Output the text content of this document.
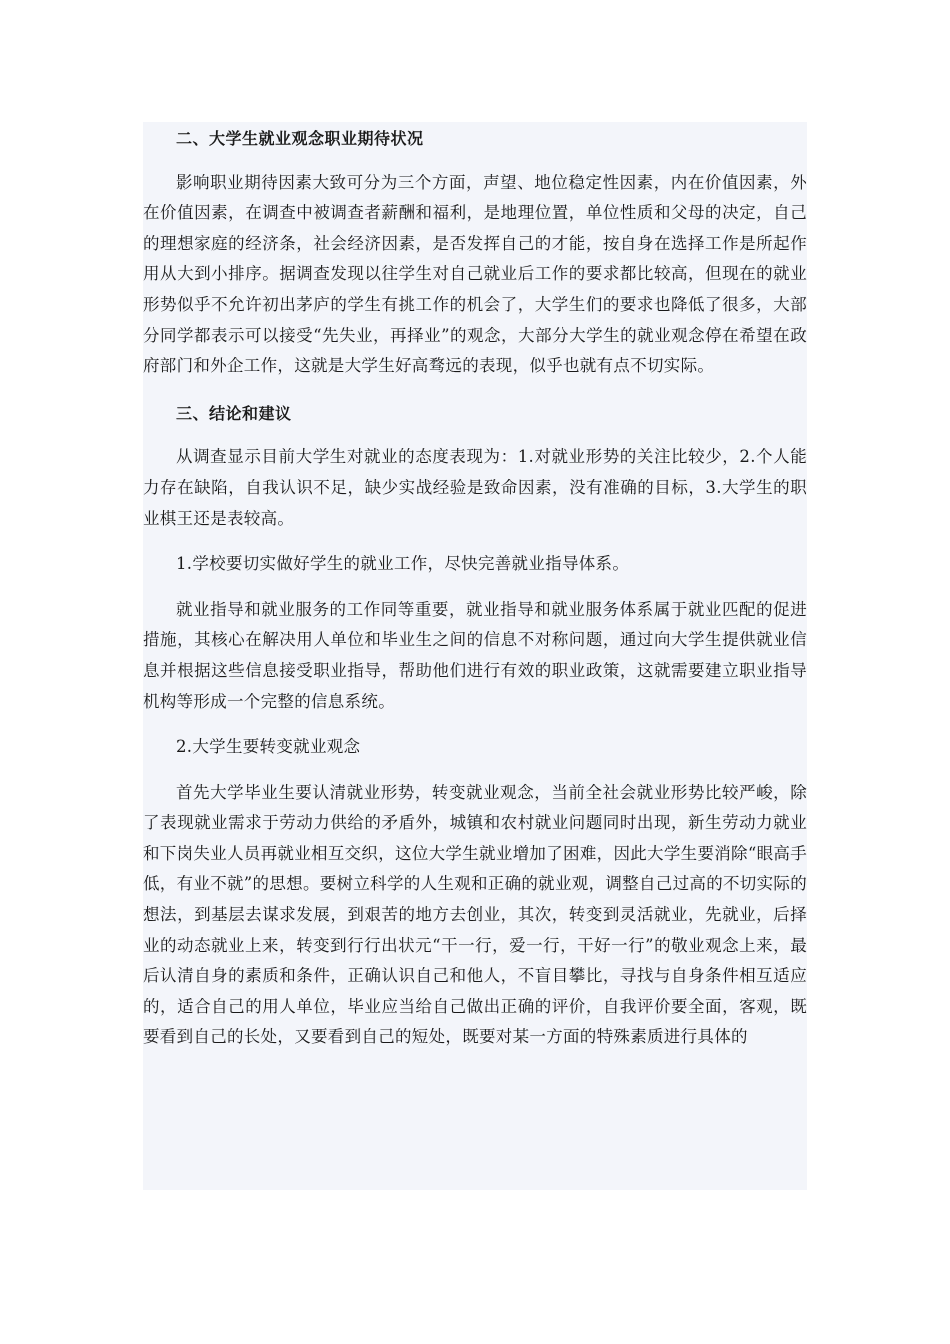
二、大学生就业观念职业期待状况

影响职业期待因素大致可分为三个方面，声望、地位稳定性因素，内在价值因素，外在价值因素，在调查中被调查者薪酬和福利，是地理位置，单位性质和父母的决定，自己的理想家庭的经济条，社会经济因素，是否发挥自己的才能，按自身在选择工作是所起作用从大到小排序。据调查发现以往学生对自己就业后工作的要求都比较高，但现在的就业形势似乎不允许初出茅庐的学生有挑工作的机会了，大学生们的要求也降低了很多，大部分同学都表示可以接受“先失业，再择业”的观念，大部分大学生的就业观念停在希望在政府部门和外企工作，这就是大学生好高骛远的表现，似乎也就有点不切实际。

三、结论和建议

从调查显示目前大学生对就业的态度表现为：1.对就业形势的关注比较少，2.个人能力存在缺陷，自我认识不足，缺少实战经验是致命因素，没有准确的目标，3.大学生的职业棋王还是表较高。

1.学校要切实做好学生的就业工作，尽快完善就业指导体系。

就业指导和就业服务的工作同等重要，就业指导和就业服务体系属于就业匹配的促进措施，其核心在解决用人单位和毕业生之间的信息不对称问题，通过向大学生提供就业信息并根据这些信息接受职业指导，帮助他们进行有效的职业政策，这就需要建立职业指导机构等形成一个完整的信息系统。

2.大学生要转变就业观念

首先大学毕业生要认清就业形势，转变就业观念，当前全社会就业形势比较严峻，除了表现就业需求于劳动力供给的矛盾外，城镇和农村就业问题同时出现，新生劳动力就业和下岗失业人员再就业相互交织，这位大学生就业增加了困难，因此大学生要消除“眼高手低，有业不就”的思想。要树立科学的人生观和正确的就业观，调整自己过高的不切实际的想法，到基层去谋求发展，到艰苦的地方去创业，其次，转变到灵活就业，先就业，后择业的动态就业上来，转变到行行出状元“干一行，爱一行，干好一行”的敬业观念上来，最后认清自身的素质和条件，正确认识自己和他人，不盲目攀比，寻找与自身条件相互适应的，适合自己的用人单位，毕业应当给自己做出正确的评价，自我评价要全面，客观，既要看到自己的长处，又要看到自己的短处，既要对某一方面的特殊素质进行具体的
